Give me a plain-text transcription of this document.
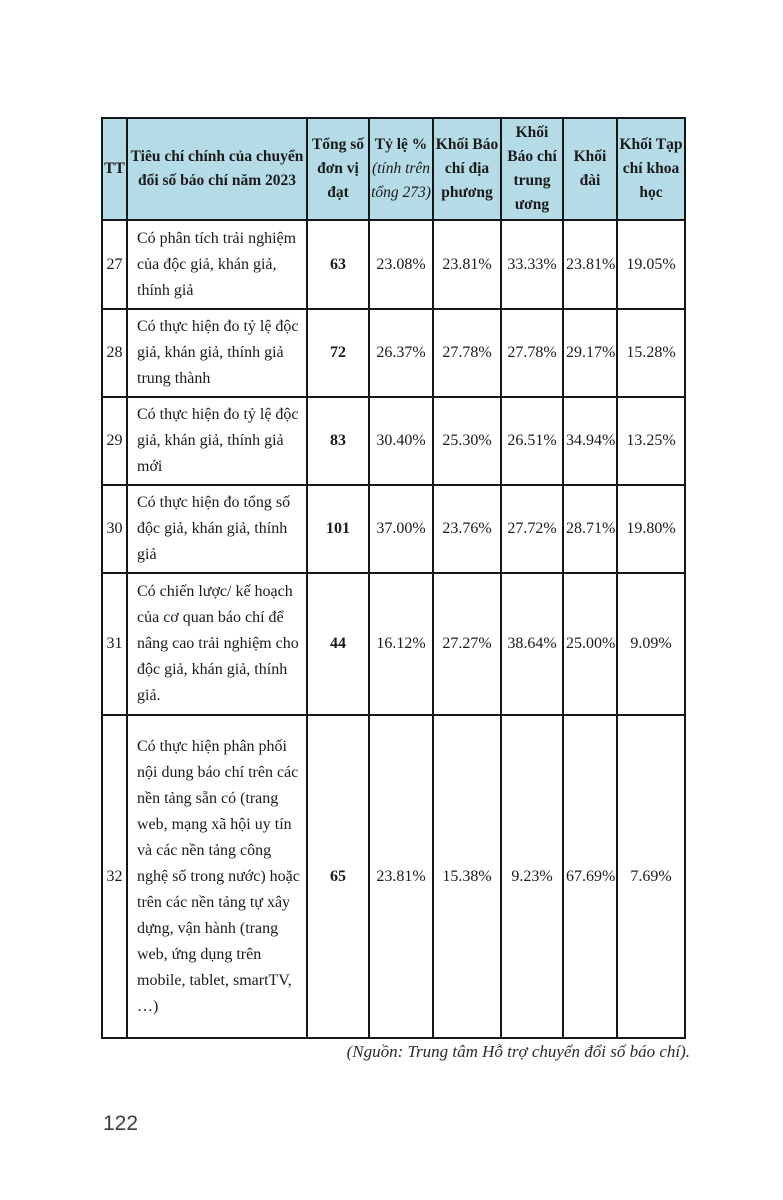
TT	Tiêu chí chính của chuyển đổi số báo chí năm 2023	Tổng số đơn vị đạt	Tỷ lệ %
(tính trên tổng 273)	Khối Báo chí địa phương	Khối Báo chí trung ương	Khối đài	Khối Tạp chí khoa học
27	Có phân tích trải nghiệm của độc giả, khán giả, thính giả	63	23.08%	23.81%	33.33%	23.81%	19.05%
28	Có thực hiện đo tỷ lệ độc giả, khán giả, thính giả trung thành	72	26.37%	27.78%	27.78%	29.17%	15.28%
29	Có thực hiện đo tỷ lệ độc giả, khán giả, thính giả mới	83	30.40%	25.30%	26.51%	34.94%	13.25%
30	Có thực hiện đo tổng số độc giả, khán giả, thính giả	101	37.00%	23.76%	27.72%	28.71%	19.80%
31	Có chiến lược/ kế hoạch của cơ quan báo chí để nâng cao trải nghiệm cho độc giả, khán giả, thính giả.	44	16.12%	27.27%	38.64%	25.00%	9.09%
32	Có thực hiện phân phối nội dung báo chí trên các nền tảng sẵn có (trang web, mạng xã hội uy tín và các nền tảng công nghệ số trong nước) hoặc trên các nền tảng tự xây dựng, vận hành (trang web, ứng dụng trên mobile, tablet, smartTV, …)	65	23.81%	15.38%	9.23%	67.69%	7.69%

(Nguồn: Trung tâm Hỗ trợ chuyển đổi số báo chí).

122
